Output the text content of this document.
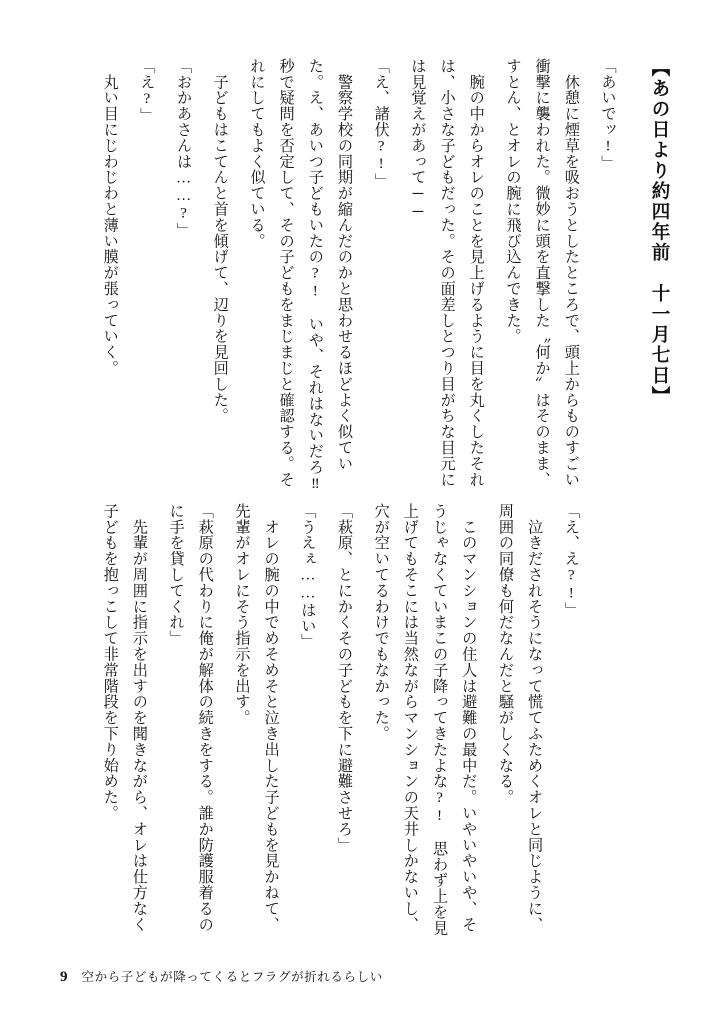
【あの日より約四年前　十一月七日】

「あいでッ!」

　休憩に煙草を吸おうとしたところで、頭上からものすごい衝撃に襲われた。微妙に頭を直撃した〝何か〟はそのまま、すとん、とオレの腕に飛び込んできた。

　腕の中からオレのことを見上げるように目を丸くしたそれは、小さな子どもだった。その面差しとつり目がちな目元には見覚えがあって──

「え、諸伏?!」

　警察学校の同期が縮んだのかと思わせるほどよく似ていた。え、あいつ子どもいたの?!　いや、それはないだろ‼　秒で疑問を否定して、その子どもをまじまじと確認する。それにしてもよく似ている。

　子どもはこてんと首を傾げて、辺りを見回した。

「おかあさんは……?」

「え?」

　丸い目にじわじわと薄い膜が張っていく。

「え、え?!」

　泣きだされそうになって慌てふためくオレと同じように、周囲の同僚も何だなんだと騒がしくなる。

　このマンションの住人は避難の最中だ。いやいやいや、そうじゃなくていまこの子降ってきたよな?!　思わず上を見上げてもそこには当然ながらマンションの天井しかないし、穴が空いてるわけでもなかった。

「萩原、とにかくその子どもを下に避難させろ」

「うえぇ……はい」

　オレの腕の中でめそめそと泣き出した子どもを見かねて、先輩がオレにそう指示を出す。

「萩原の代わりに俺が解体の続きをする。誰か防護服着るのに手を貸してくれ」

　先輩が周囲に指示を出すのを聞きながら、オレは仕方なく子どもを抱っこして非常階段を下り始めた。

9 空から子どもが降ってくるとフラグが折れるらしい
